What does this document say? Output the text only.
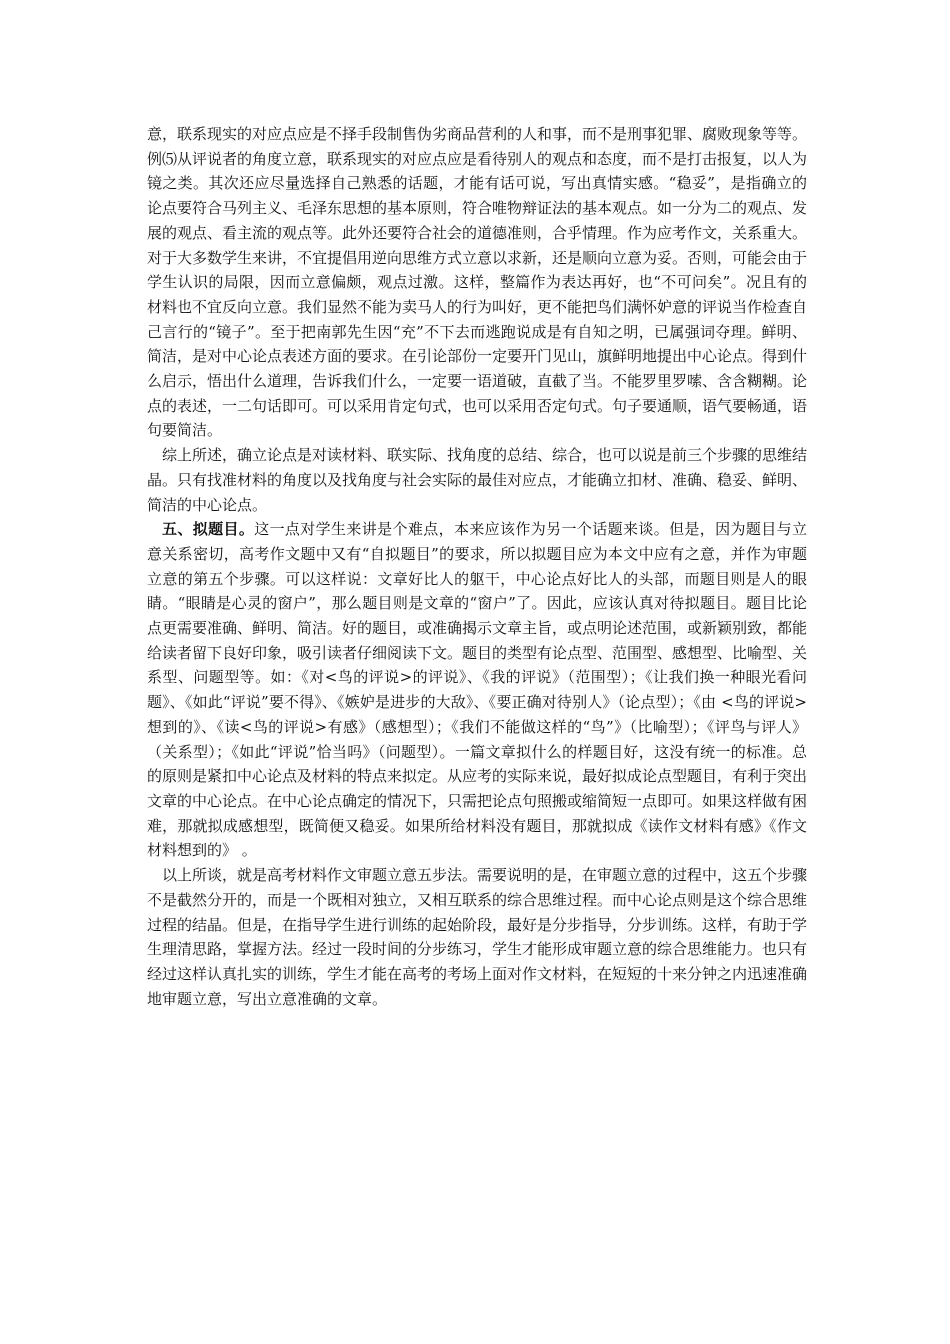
意，联系现实的对应点应是不择手段制售伪劣商品营利的人和事，而不是刑事犯罪、腐败现象等等。例⑸从评说者的角度立意，联系现实的对应点应是看待别人的观点和态度，而不是打击报复，以人为镜之类。其次还应尽量选择自己熟悉的话题，才能有话可说，写出真情实感。“稳妥”，是指确立的论点要符合马列主义、毛泽东思想的基本原则，符合唯物辩证法的基本观点。如一分为二的观点、发展的观点、看主流的观点等。此外还要符合社会的道德准则，合乎情理。作为应考作文，关系重大。对于大多数学生来讲，不宜提倡用逆向思维方式立意以求新，还是顺向立意为妥。否则，可能会由于学生认识的局限，因而立意偏颇，观点过激。这样，整篇作为表达再好，也“不可问矣”。况且有的材料也不宜反向立意。我们显然不能为卖马人的行为叫好，更不能把鸟们满怀妒意的评说当作检查自己言行的“镜子”。至于把南郭先生因“充”不下去而逃跑说成是有自知之明，已属强词夺理。鲜明、简洁，是对中心论点表述方面的要求。在引论部份一定要开门见山，旗鲜明地提出中心论点。得到什么启示，悟出什么道理，告诉我们什么，一定要一语道破，直截了当。不能罗里罗嗦、含含糊糊。论点的表述，一二句话即可。可以采用肯定句式，也可以采用否定句式。句子要通顺，语气要畅通，语句要简洁。

综上所述，确立论点是对读材料、联实际、找角度的总结、综合，也可以说是前三个步骤的思维结晶。只有找准材料的角度以及找角度与社会实际的最佳对应点，才能确立扣材、准确、稳妥、鲜明、简洁的中心论点。

五、拟题目。这一点对学生来讲是个难点，本来应该作为另一个话题来谈。但是，因为题目与立意关系密切，高考作文题中又有“自拟题目”的要求，所以拟题目应为本文中应有之意，并作为审题立意的第五个步骤。可以这样说：文章好比人的躯干，中心论点好比人的头部，而题目则是人的眼睛。“眼睛是心灵的窗户”，那么题目则是文章的“窗户”了。因此，应该认真对待拟题目。题目比论点更需要准确、鲜明、简洁。好的题目，或准确揭示文章主旨，或点明论述范围，或新颖别致，都能给读者留下良好印象，吸引读者仔细阅读下文。题目的类型有论点型、范围型、感想型、比喻型、关系型、问题型等。如：《对<鸟的评说>的评说》、《我的评说》（范围型）；《让我们换一种眼光看问题》、《如此“评说”要不得》、《嫉妒是进步的大敌》、《要正确对待别人》（论点型）；《由 <鸟的评说> 想到的》、《读<鸟的评说>有感》（感想型）；《我们不能做这样的“鸟”》（比喻型）；《评鸟与评人》（关系型）；《如此“评说”恰当吗》（问题型）。一篇文章拟什么的样题目好，这没有统一的标准。总的原则是紧扣中心论点及材料的特点来拟定。从应考的实际来说，最好拟成论点型题目，有利于突出文章的中心论点。在中心论点确定的情况下，只需把论点句照搬或缩简短一点即可。如果这样做有困难，那就拟成感想型，既简便又稳妥。如果所给材料没有题目，那就拟成《读作文材料有感》《作文材料想到的》 。

以上所谈，就是高考材料作文审题立意五步法。需要说明的是，在审题立意的过程中，这五个步骤不是截然分开的，而是一个既相对独立，又相互联系的综合思维过程。而中心论点则是这个综合思维过程的结晶。但是，在指导学生进行训练的起始阶段，最好是分步指导，分步训练。这样，有助于学生理清思路，掌握方法。经过一段时间的分步练习，学生才能形成审题立意的综合思维能力。也只有经过这样认真扎实的训练，学生才能在高考的考场上面对作文材料，在短短的十来分钟之内迅速准确地审题立意，写出立意准确的文章。
